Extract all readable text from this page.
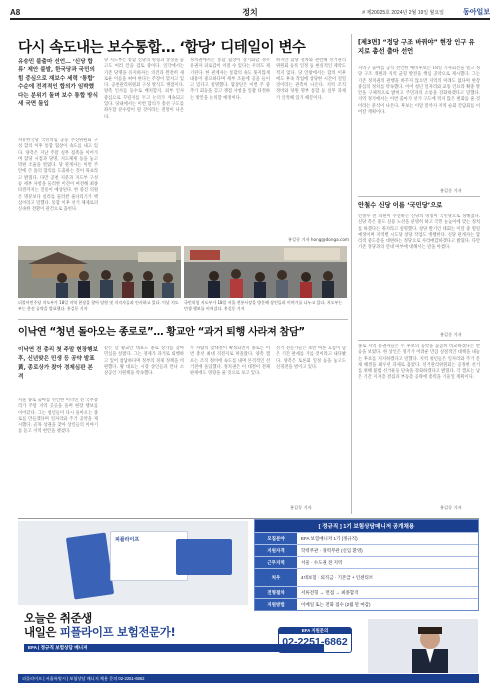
A8	정치	# 제20025호 2024년 2월 19일 월요일	동아일보
다시 속도내는 보수통합… ‘합당’ 디테일이 변수
유승민 불출마 선언… ‘신당 합류’ 제안 불발, 한국당과 국민의힘 중심으로 재보수 세력 ‘통합’ 수순에 전격적인 합의가 임박했다는 분위기 돌며 보수 통합 방식 새 국면 돌입
자유한국당 국민의힘 공동 추진위원회 구성 합의 이후 통합 협상이 속도를 내고 있다. 양측은 지난 주말 실무 접촉을 이어가며 합당 시점과 당명, 지도체제 등을 놓고 막판 조율을 벌였다. 당 관계자는 이번 주 안에 큰 틀의 합의를 도출하는 것이 목표라고 밝혔다. 다만 공천 지분과 지도부 구성 등 세부 사항을 둘러싼 이견이 여전해 최종 타결까지는 진통이 예상된다. 한 중진 의원은 명분보다 실리를 둘러싼 줄다리기가 핵심이라고 말했다. 통합 이후 선거 체제로의 신속한 전환이 관건으로 꼽힌다.
당 지도부는 통합 신당의 명칭과 상징을 놓고도 여러 안을 검토 중이다. 일각에서는 기존 당명을 유지하자는 의견과 완전히 새로운 이름을 써야 한다는 주장이 맞서고 있다. 공천관리위원회 구성 방식도 쟁점이다. 양측 인사를 동수로 배치할지, 외부 인사 중심으로 꾸릴지를 두고 논의가 계속되고 있다. 당내에서는 이번 합의가 총선 구도를 좌우할 분수령이 될 것이라는 전망이 나온다.
정치권에서는 통합 협상이 장기화할 경우 유권자 피로감이 커질 수 있다는 우려도 제기된다. 한 관계자는 통합의 속도 못지않게 내용이 중요하다며 세부 조율에 공을 들이고 있다고 설명했다. 협상단은 이번 주 중 추가 회동을 갖고 쟁점 사항을 일괄 타결하는 방안을 논의할 예정이다.
하지만 합당 절차와 관련해 선거관리위원회 등록 일정 등 현실적인 제약도 적지 않다. 당 안팎에서는 합의 이후에도 후속 작업에 상당한 시간이 걸릴 것이라는 관측이 나온다. 지역 조직 정비와 당원 명부 통합 등 실무 과제가 산적해 있기 때문이다.
홍길동 기자 hong@donga.com
더불어민주당 지도부가 18일 지역 현장을 찾아 당원 및 지지자들과 인사하고 있다. 이날 지도부는 총선 공약을 발표했다. 홍길동 기자
국민의힘 지도부가 18일 서울 전통시장을 방문해 상인들과 이야기를 나누고 있다. 지도부는 민생 행보를 이어갔다. 홍길동 기자
이낙연 “청년 돌아오는 종로로”… 황교안 “과거 퇴행 사라져 참담”
이낙연 전 총리 첫 주말 현장행보 후, 신년맞은 민생 등 공약 발표 黃, 종로상가 찾아 경제심판 본격
서울 종로 출마를 선언한 이낙연 전 국무총리가 주말 지역 곳곳을 돌며 현장 행보를 이어갔다. 그는 청년들이 다시 돌아오는 종로를 만들겠다며 일자리와 주거 공약을 제시했다. 골목 상권을 찾아 상인들의 이야기를 듣고 지역 현안을 챙겼다.
같은 날 황교안 대표도 종로 상가를 찾아 민심을 살폈다. 그는 경제가 과거로 퇴행하고 있어 참담하다며 정부의 경제 정책을 비판했다. 황 대표는 시장 상인들과 만나 소상공인 지원책을 약속했다.
두 사람의 맞대결이 확정되면서 종로는 이번 총선 최대 격전지로 떠올랐다. 양측 캠프는 조직 정비에 속도를 내며 본격적인 선거전에 돌입했다. 정치권은 이 대결이 전체 판세에도 영향을 줄 것으로 보고 있다.
선거 전문가들은 초반 여론 흐름이 남은 기간 판세를 가를 것이라고 내다봤다. 양측은 토론회 일정 등을 놓고도 신경전을 벌이고 있다.
홍길동 기자
[제3면] “정당 구조 바꿔야” 현장 인구 유지로 총선 출마 선언
지역구 출마를 공식 선언한 예비후보는 18일 기자회견을 열고 정당 구조 개편과 지역 균형 발전을 핵심 공약으로 제시했다. 그는 기존 정치권의 관행을 바꾸지 않으면 지역의 미래도 없다며 현장 중심의 정치를 약속했다. 이어 청년 일자리와 교통 인프라 확충 방안을 구체적으로 밝히고 주민과의 소통을 강화하겠다고 말했다. 지역 정가에서는 이번 출마가 선거 구도에 적지 않은 변화를 줄 것이라는 분석이 나온다. 후보는 이달 말까지 지역 순회 간담회를 이어갈 계획이다.
홍길동 기자
안철수 신당 이름 ‘국민당’으로
안철수 전 의원이 추진하는 신당의 명칭이 국민당으로 정해졌다. 신당 측은 중도 실용 노선을 분명히 하고 국민 눈높이에 맞는 정치를 하겠다는 취지라고 설명했다. 창당 발기인 대회는 이달 중 열릴 예정이며 지역별 시도당 창당 작업도 병행한다. 신당 관계자는 합리적 중도층을 대변하는 정당으로 자리매김하겠다고 밝혔다. 다만 기존 정당과의 연대 여부에 대해서는 말을 아꼈다.
홍길동 기자
종로 지역 유권자들은 두 후보의 공약을 꼼꼼히 비교하겠다는 반응을 보였다. 한 상인은 경기가 어려운 만큼 실질적인 대책을 내놓는 후보를 지지하겠다고 말했다. 지역 청년들은 일자리와 주거 문제 해결을 최우선 과제로 꼽았다. 선거관리위원회는 공정한 선거를 위해 불법 선거운동 단속을 강화하겠다고 밝혔다. 각 캠프는 남은 기간 지지층 결집과 부동층 공략에 총력을 기울일 계획이다.
홍길동 기자
피플라이프
오늘은 취준생
내일은 피플라이프 보험전문가!
EFA | 정규직 보험상담 매니저
EFA 지원문의
02-2251-6862
[ 정규직 ] 1기 보험상담매니저 공개채용
모집분야	EFA 보험매니저 1기 (정규직)
지원자격	학력무관 · 경력무관 (신입 환영)
근무지역	서울 · 수도권 전 지역
처우	4대보험 · 퇴직금 · 기본급 + 인센티브
전형절차	서류전형 → 면접 → 최종합격
지원방법	이메일 또는 전화 접수 (2월 말 마감)
피플라이프 | 서울특별시 | 보험상담 매니저 채용 문의 02-2251-6862
